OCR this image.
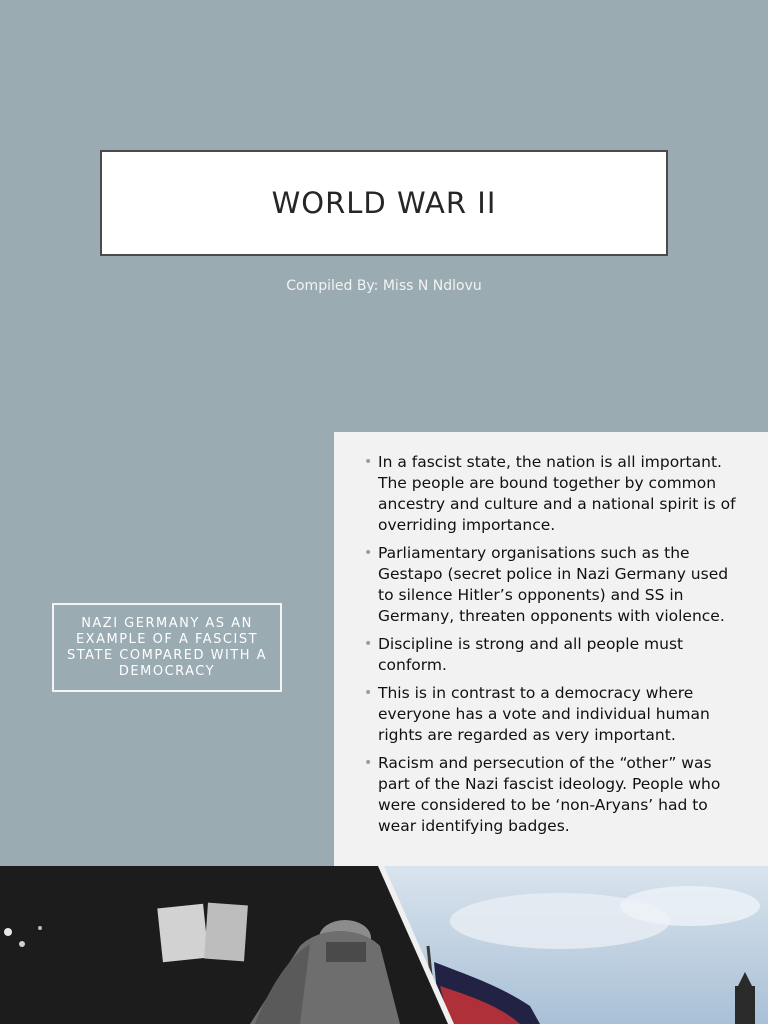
WORLD WAR II
Compiled By: Miss N Ndlovu
NAZI GERMANY AS AN EXAMPLE OF A FASCIST STATE COMPARED WITH A DEMOCRACY
• In a fascist state, the nation is all important. The people are bound together by common ancestry and culture and a national spirit is of overriding importance.
• Parliamentary organisations such as the Gestapo (secret police in Nazi Germany used to silence Hitler’s opponents) and SS in Germany, threaten opponents with violence.
• Discipline is strong and all people must conform.
• This is in contrast to a democracy where everyone has a vote and individual human rights are regarded as very important.
• Racism and persecution of the “other” was part of the Nazi fascist ideology. People who were considered to be ‘non-Aryans’ had to wear identifying badges.
